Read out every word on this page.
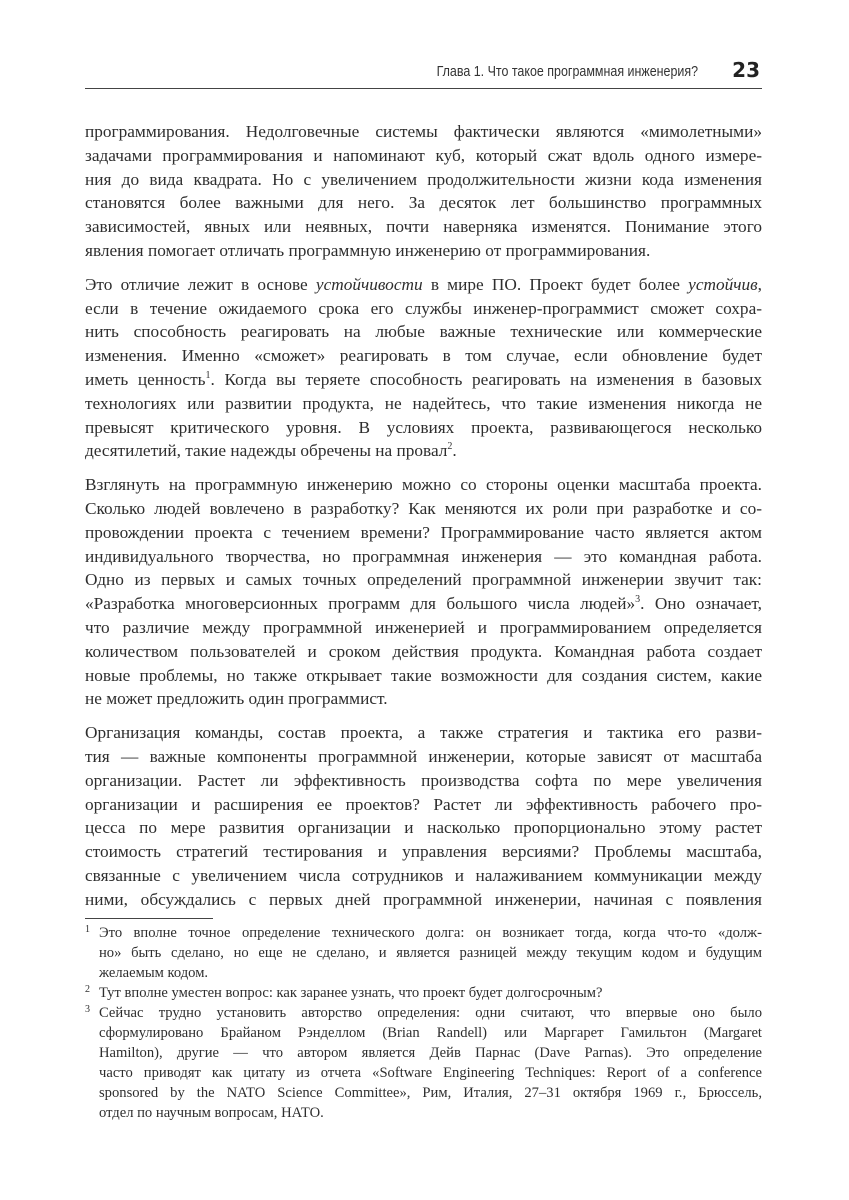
Глава 1. Что такое программная инженерия? 23

программирования. Недолговечные системы фактически являются «мимолетными»
задачами программирования и напоминают куб, который сжат вдоль одного измере-
ния до вида квадрата. Но с увеличением продолжительности жизни кода изменения
становятся более важными для него. За десяток лет большинство программных
зависимостей, явных или неявных, почти наверняка изменятся. Понимание этого
явления помогает отличать программную инженерию от программирования.

Это отличие лежит в основе устойчивости в мире ПО. Проект будет более устойчив,
если в течение ожидаемого срока его службы инженер-программист сможет сохра-
нить способность реагировать на любые важные технические или коммерческие
изменения. Именно «сможет» реагировать в том случае, если обновление будет
иметь ценность$^1$. Когда вы теряете способность реагировать на изменения в базовых
технологиях или развитии продукта, не надейтесь, что такие изменения никогда не
превысят критического уровня. В условиях проекта, развивающегося несколько
десятилетий, такие надежды обречены на провал$^2$.

Взглянуть на программную инженерию можно со стороны оценки масштаба проекта.
Сколько людей вовлечено в разработку? Как меняются их роли при разработке и со-
провождении проекта с течением времени? Программирование часто является актом
индивидуального творчества, но программная инженерия — это командная работа.
Одно из первых и самых точных определений программной инженерии звучит так:
«Разработка многоверсионных программ для большого числа людей»$^3$. Оно означает,
что различие между программной инженерией и программированием определяется
количеством пользователей и сроком действия продукта. Командная работа создает
новые проблемы, но также открывает такие возможности для создания систем, какие
не может предложить один программист.

Организация команды, состав проекта, а также стратегия и тактика его разви-
тия — важные компоненты программной инженерии, которые зависят от масштаба
организации. Растет ли эффективность производства софта по мере увеличения
организации и расширения ее проектов? Растет ли эффективность рабочего про-
цесса по мере развития организации и насколько пропорционально этому растет
стоимость стратегий тестирования и управления версиями? Проблемы масштаба,
связанные с увеличением числа сотрудников и налаживанием коммуникации между
ними, обсуждались с первых дней программной инженерии, начиная с появления

1 Это вполне точное определение технического долга: он возникает тогда, когда что-то «долж-
но» быть сделано, но еще не сделано, и является разницей между текущим кодом и будущим
желаемым кодом.
2 Тут вполне уместен вопрос: как заранее узнать, что проект будет долгосрочным?
3 Сейчас трудно установить авторство определения: одни считают, что впервые оно было
сформулировано Брайаном Рэнделлом (Brian Randell) или Маргарет Гамильтон (Margaret
Hamilton), другие — что автором является Дейв Парнас (Dave Parnas). Это определение
часто приводят как цитату из отчета «Software Engineering Techniques: Report of a conference
sponsored by the NATO Science Committee», Рим, Италия, 27–31 октября 1969 г., Брюссель,
отдел по научным вопросам, НАТО.
